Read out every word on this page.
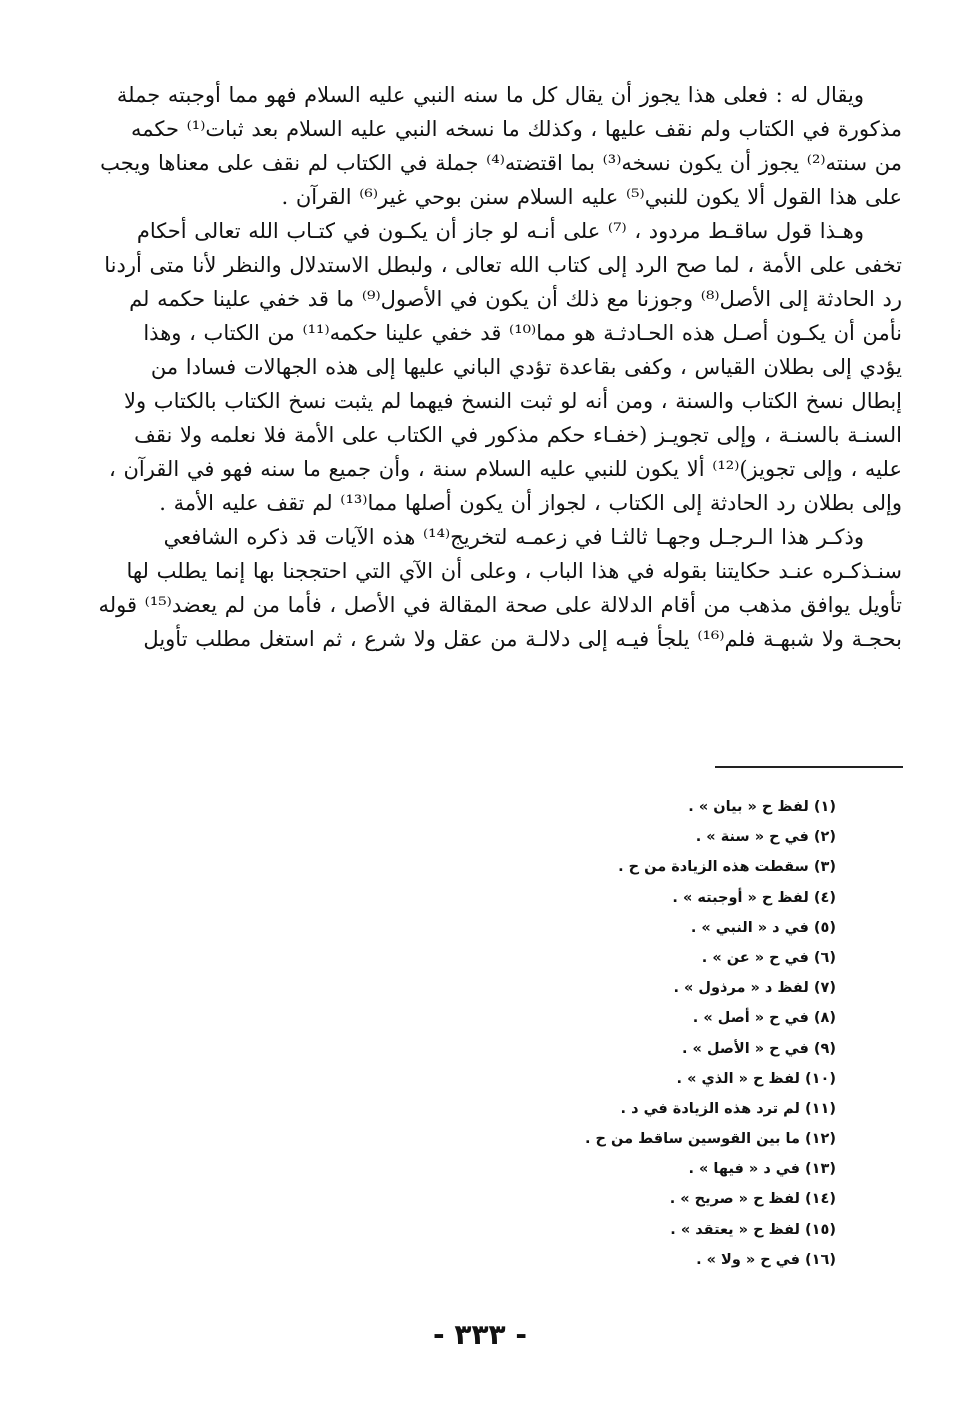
ويقال له : فعلى هذا يجوز أن يقال كل ما سنه النبي عليه السلام فهو مما أوجبته جملة
مذكورة في الكتاب ولم نقف عليها ، وكذلك ما نسخه النبي عليه السلام بعد ثبات⁽¹⁾ حكمه
من سنته⁽²⁾ يجوز أن يكون نسخه⁽³⁾ بما اقتضته⁽⁴⁾ جملة في الكتاب لم نقف على معناها ويجب
على هذا القول ألا يكون للنبي⁽⁵⁾ عليه السلام سنن بوحي غير⁽⁶⁾ القرآن .
وهـذا قول ساقـط مردود ، ⁽⁷⁾ على أنـه لو جاز أن يكـون في كتـاب الله تعالى أحكام
تخفى على الأمة ، لما صح الرد إلى كتاب الله تعالى ، ولبطل الاستدلال والنظر لأنا متى أردنا
رد الحادثة إلى الأصل⁽⁸⁾ وجوزنا مع ذلك أن يكون في الأصول⁽⁹⁾ ما قد خفي علينا حكمه لم
نأمن أن يكـون أصـل هذه الحـادثـة هو مما⁽¹⁰⁾ قد خفي علينا حكمه⁽¹¹⁾ من الكتاب ، وهذا
يؤدي إلى بطلان القياس ، وكفى بقاعدة تؤدي الباني عليها إلى هذه الجهالات فسادا من
إبطال نسخ الكتاب والسنة ، ومن أنه لو ثبت النسخ فيهما لم يثبت نسخ الكتاب بالكتاب ولا
السنـة بالسنـة ، وإلى تجويـز (خفـاء حكم مذكور في الكتاب على الأمة فلا نعلمه ولا نقف
عليه ، وإلى تجويز)⁽¹²⁾ ألا يكون للنبي عليه السلام سنة ، وأن جميع ما سنه فهو في القرآن ،
وإلى بطلان رد الحادثة إلى الكتاب ، لجواز أن يكون أصلها مما⁽¹³⁾ لم تقف عليه الأمة .
وذكـر هذا الـرجـل وجهـا ثالثـا في زعمـه لتخريج⁽¹⁴⁾ هذه الآيات قد ذكره الشافعي
سنـذكـره عنـد حكايتنا بقوله في هذا الباب ، وعلى أن الآي التي احتججنا بها إنما يطلب لها
تأويل يوافق مذهب من أقام الدلالة على صحة المقالة في الأصل ، فأما من لم يعضد⁽¹⁵⁾ قوله
بحجـة ولا شبهـة فلم⁽¹⁶⁾ يلجأ فيـه إلى دلالـة من عقل ولا شرع ، ثم استغل مطلب تأويل
(١) لفظ ح « بيان » .
(٢) في ح « سنة » .
(٣) سقطت هذه الزيادة من ح .
(٤) لفظ ح « أوجبته » .
(٥) في د « النبي » .
(٦) في ح « عن » .
(٧) لفظ د « مرذول » .
(٨) في ح « أصل » .
(٩) في ح « الأصل » .
(١٠) لفظ ح « الذي » .
(١١) لم ترد هذه الزيادة في د .
(١٢) ما بين القوسين ساقط من ح .
(١٣) في د « فيها » .
(١٤) لفظ ح « صريح » .
(١٥) لفظ ح « يعتقد » .
(١٦) في ح « ولا » .
- ٣٣٣ -
